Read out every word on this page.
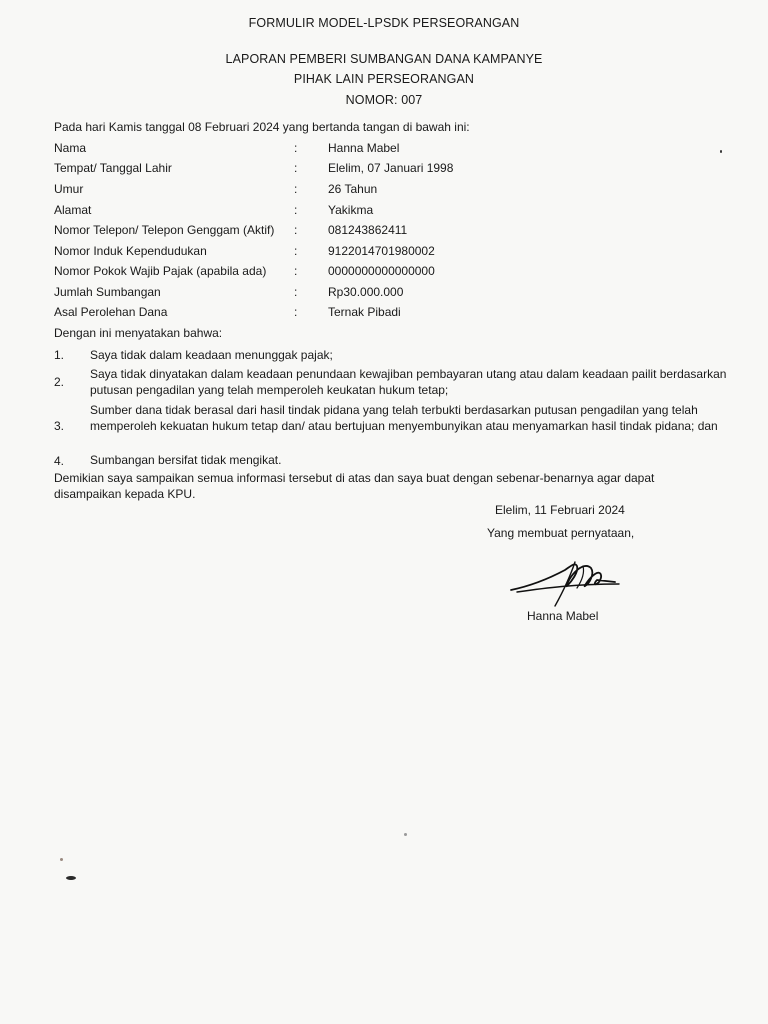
FORMULIR MODEL-LPSDK PERSEORANGAN
LAPORAN PEMBERI SUMBANGAN DANA KAMPANYE
PIHAK LAIN PERSEORANGAN
NOMOR: 007
Pada hari Kamis tanggal 08 Februari 2024 yang bertanda tangan di bawah ini:
Nama	:	Hanna Mabel
Tempat/ Tanggal Lahir	:	Elelim, 07 Januari 1998
Umur	:	26 Tahun
Alamat	:	Yakikma
Nomor Telepon/ Telepon Genggam (Aktif) :	081243862411
Nomor Induk Kependudukan	:	9122014701980002
Nomor Pokok Wajib Pajak (apabila ada) :	0000000000000000
Jumlah Sumbangan	:	Rp30.000.000
Asal Perolehan Dana	:	Ternak Pibadi
Dengan ini menyatakan bahwa:
1. Saya tidak dalam keadaan menunggak pajak;
2.
Saya tidak dinyatakan dalam keadaan penundaan kewajiban pembayaran utang atau dalam keadaan pailit berdasarkan putusan pengadilan yang telah memperoleh keukatan hukum tetap;
3.
Sumber dana tidak berasal dari hasil tindak pidana yang telah terbukti berdasarkan putusan pengadilan yang telah memperoleh kekuatan hukum tetap dan/ atau bertujuan menyembunyikan atau menyamarkan hasil tindak pidana; dan
4. Sumbangan bersifat tidak mengikat.
Demikian saya sampaikan semua informasi tersebut di atas dan saya buat dengan sebenar-benarnya agar dapat disampaikan kepada KPU.
Elelim, 11 Februari 2024
Yang membuat pernyataan,
Hanna Mabel
